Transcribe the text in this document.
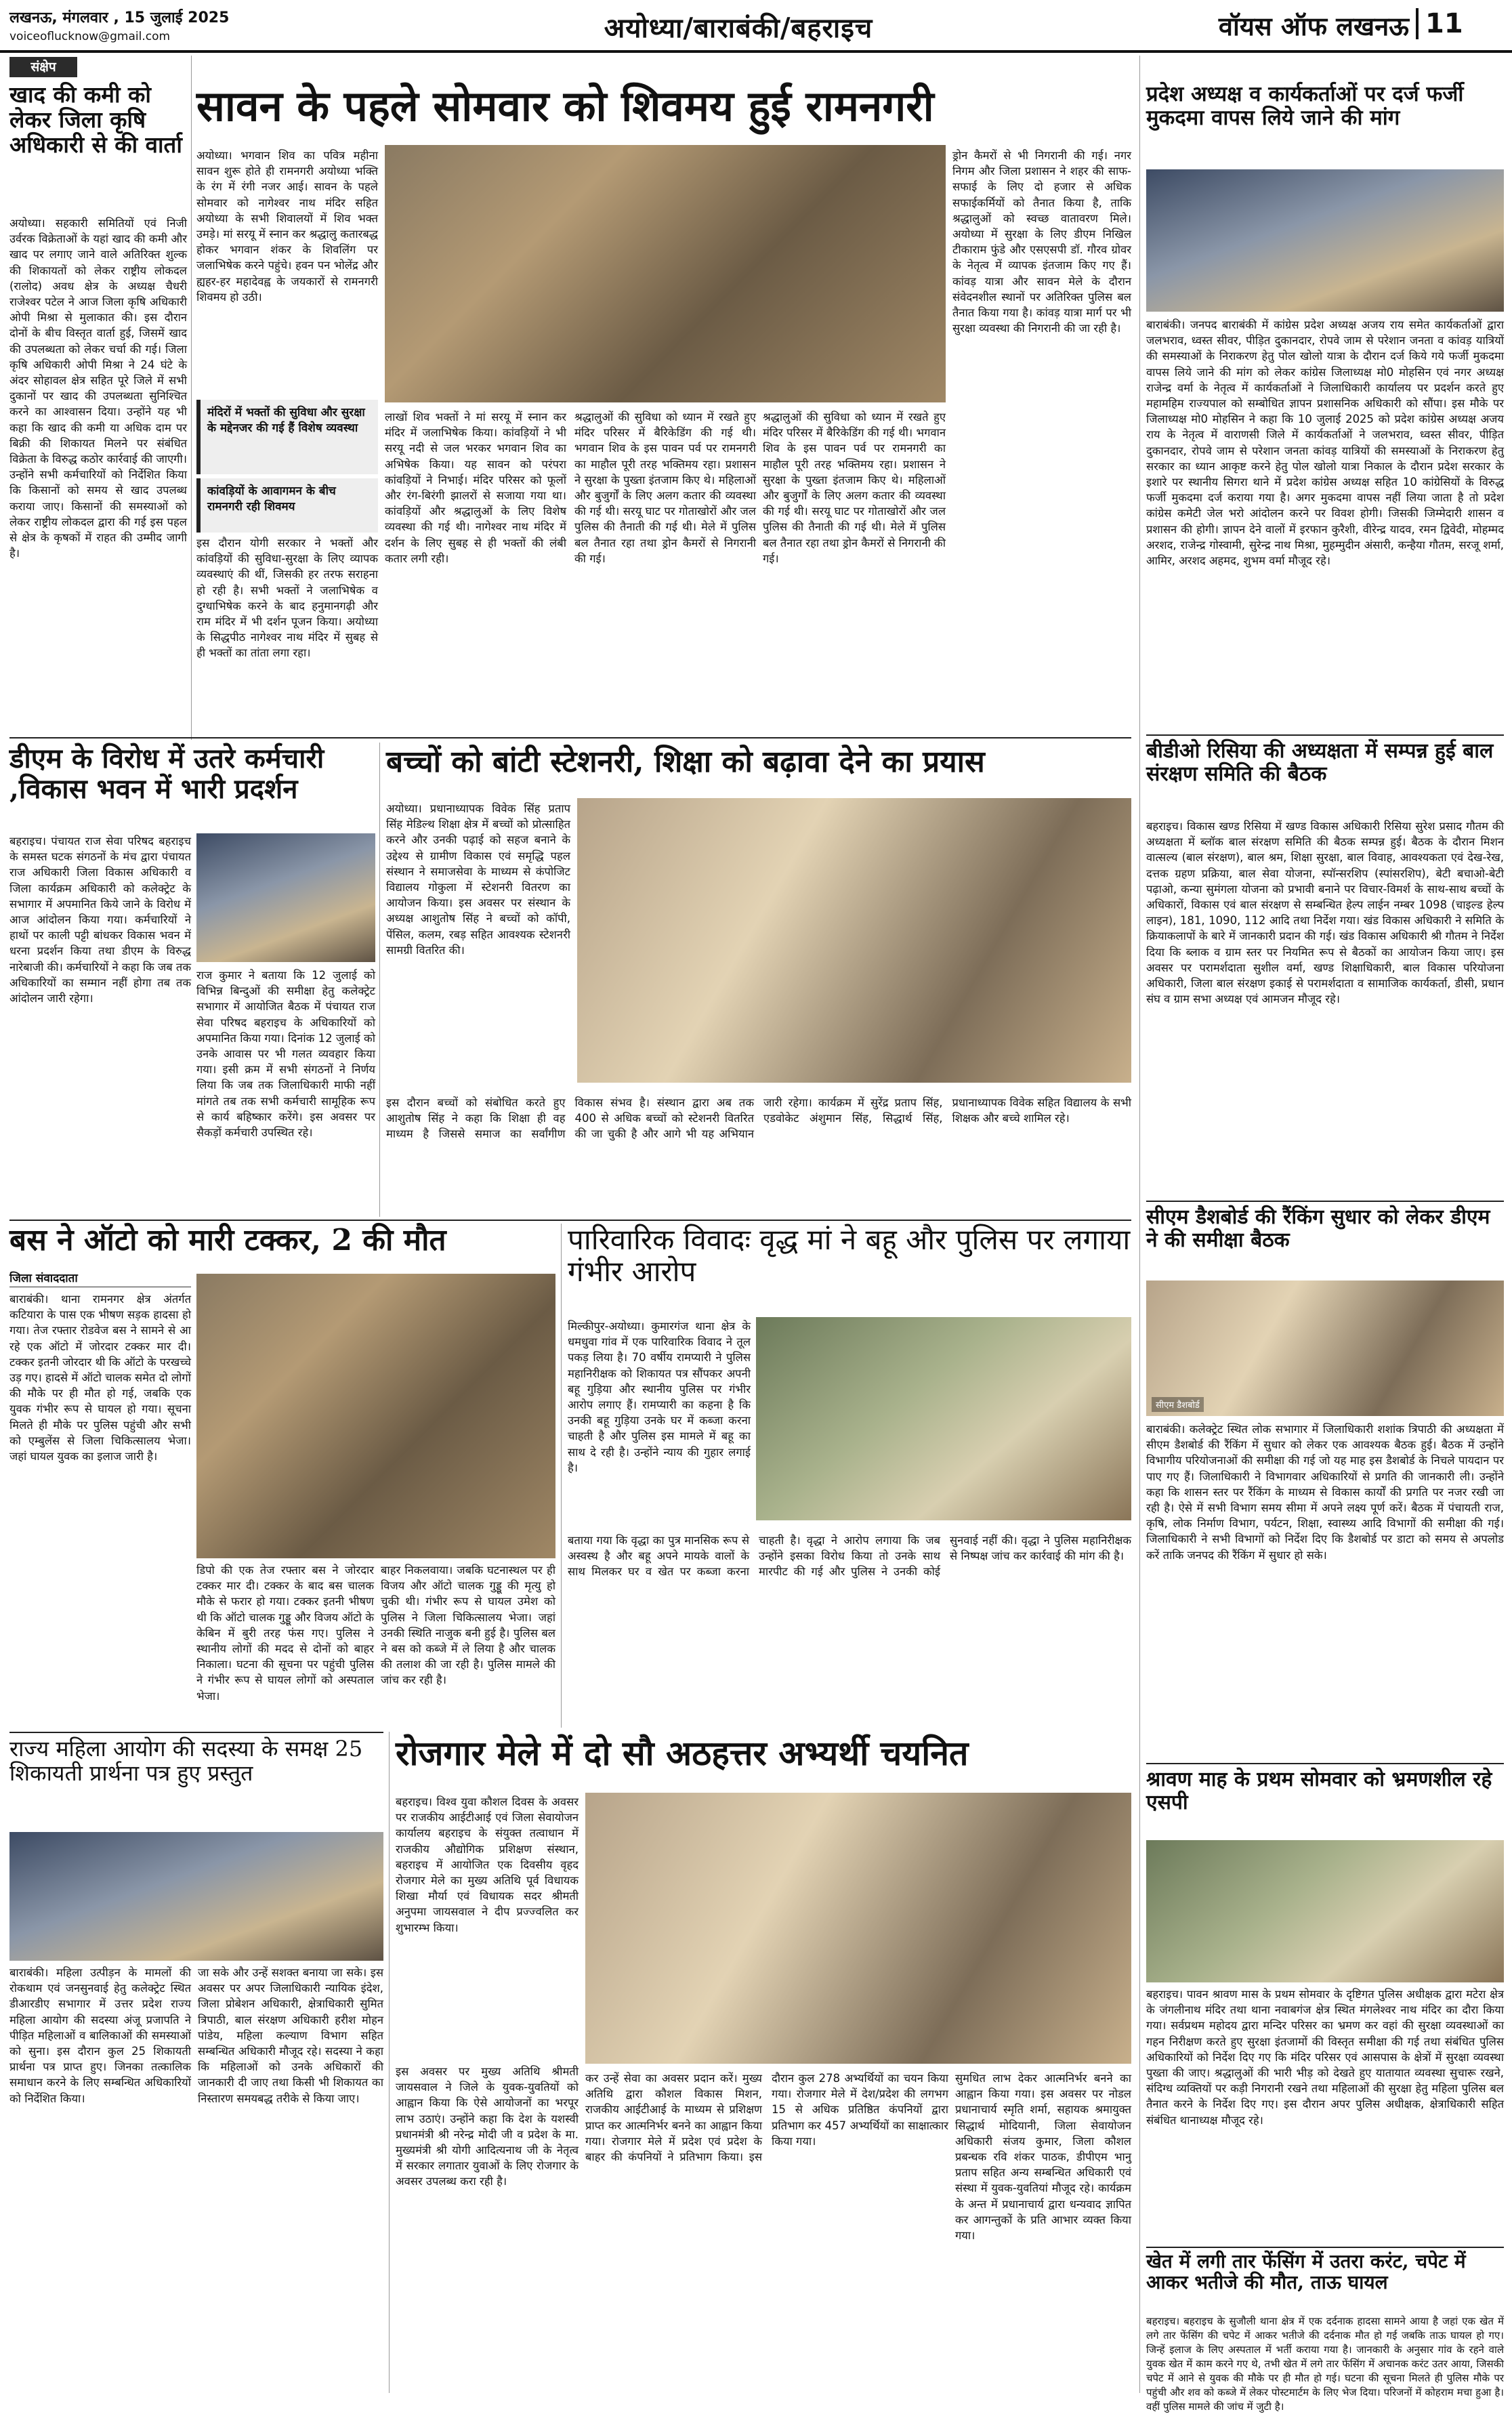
लखनऊ, मंगलवार , 15 जुलाई 2025
voiceoflucknow@gmail.com	अयोध्या/बाराबंकी/बहराइच	वॉयस ऑफ लखनऊ 11
संक्षेप
खाद की कमी को लेकर जिला कृषि अधिकारी से की वार्ता
अयोध्या। सहकारी समितियों एवं निजी उर्वरक विक्रेताओं के यहां खाद की कमी और खाद पर लगाए जाने वाले अतिरिक्त शुल्क की शिकायतों को लेकर राष्ट्रीय लोकदल (रालोद) अवध क्षेत्र के अध्यक्ष चैधरी राजेश्वर पटेल ने आज जिला कृषि अधिकारी ओपी मिश्रा से मुलाकात की। इस दौरान दोनों के बीच विस्तृत वार्ता हुई, जिसमें खाद की उपलब्धता को लेकर चर्चा की गई। जिला कृषि अधिकारी ओपी मिश्रा ने 24 घंटे के अंदर सोहावल क्षेत्र सहित पूरे जिले में सभी दुकानों पर खाद की उपलब्धता सुनिश्चित करने का आश्वासन दिया। उन्होंने यह भी कहा कि खाद की कमी या अधिक दाम पर बिक्री की शिकायत मिलने पर संबंधित विक्रेता के विरुद्ध कठोर कार्रवाई की जाएगी। उन्होंने सभी कर्मचारियों को निर्देशित किया कि किसानों को समय से खाद उपलब्ध कराया जाए। किसानों की समस्याओं को लेकर राष्ट्रीय लोकदल द्वारा की गई इस पहल से क्षेत्र के कृषकों में राहत की उम्मीद जागी है।
सावन के पहले सोमवार को शिवमय हुई रामनगरी
अयोध्या। भगवान शिव का पवित्र महीना सावन शुरू होते ही रामनगरी अयोध्या भक्ति के रंग में रंगी नजर आई। सावन के पहले सोमवार को नागेश्वर नाथ मंदिर सहित अयोध्या के सभी शिवालयों में शिव भक्त उमड़े। मां सरयू में स्नान कर श्रद्धालु कतारबद्ध होकर भगवान शंकर के शिवलिंग पर जलाभिषेक करने पहुंचे। हवन पन भोलेंद्र और ह्यहर-हर महादेवह्व के जयकारों से रामनगरी शिवमय हो उठी।
मंदिरों में भक्तों की सुविधा और सुरक्षा के मद्देनजर की गई हैं विशेष व्यवस्था
कांवड़ियों के आवागमन के बीच रामनगरी रही शिवमय
इस दौरान योगी सरकार ने भक्तों और कांवड़ियों की सुविधा-सुरक्षा के लिए व्यापक व्यवस्थाएं की थीं, जिसकी हर तरफ सराहना हो रही है। सभी भक्तों ने जलाभिषेक व दुग्धाभिषेक करने के बाद हनुमानगढ़ी और राम मंदिर में भी दर्शन पूजन किया। अयोध्या के सिद्धपीठ नागेश्वर नाथ मंदिर में सुबह से ही भक्तों का तांता लगा रहा।
लाखों शिव भक्तों ने मां सरयू में स्नान कर मंदिर में जलाभिषेक किया। कांवड़ियों ने भी सरयू नदी से जल भरकर भगवान शिव का अभिषेक किया। यह सावन को परंपरा कांवड़ियों ने निभाई। मंदिर परिसर को फूलों और रंग-बिरंगी झालरों से सजाया गया था। कांवड़ियों और श्रद्धालुओं के लिए विशेष व्यवस्था की गई थी। नागेश्वर नाथ मंदिर में दर्शन के लिए सुबह से ही भक्तों की लंबी कतार लगी रही।
श्रद्धालुओं की सुविधा को ध्यान में रखते हुए मंदिर परिसर में बैरिकेडिंग की गई थी। भगवान शिव के इस पावन पर्व पर रामनगरी का माहौल पूरी तरह भक्तिमय रहा। प्रशासन ने सुरक्षा के पुख्ता इंतजाम किए थे। महिलाओं और बुजुर्गों के लिए अलग कतार की व्यवस्था की गई थी। सरयू घाट पर गोताखोरों और जल पुलिस की तैनाती की गई थी। मेले में पुलिस बल तैनात रहा तथा ड्रोन कैमरों से निगरानी की गई।
श्रद्धालुओं की सुविधा को ध्यान में रखते हुए मंदिर परिसर में बैरिकेडिंग की गई थी। भगवान शिव के इस पावन पर्व पर रामनगरी का माहौल पूरी तरह भक्तिमय रहा। प्रशासन ने सुरक्षा के पुख्ता इंतजाम किए थे। महिलाओं और बुजुर्गों के लिए अलग कतार की व्यवस्था की गई थी। सरयू घाट पर गोताखोरों और जल पुलिस की तैनाती की गई थी। मेले में पुलिस बल तैनात रहा तथा ड्रोन कैमरों से निगरानी की गई।
ड्रोन कैमरों से भी निगरानी की गई। नगर निगम और जिला प्रशासन ने शहर की साफ-सफाई के लिए दो हजार से अधिक सफाईकर्मियों को तैनात किया है, ताकि श्रद्धालुओं को स्वच्छ वातावरण मिले। अयोध्या में सुरक्षा के लिए डीएम निखिल टीकाराम फुंडे और एसएसपी डॉ. गौरव ग्रोवर के नेतृत्व में व्यापक इंतजाम किए गए हैं। कांवड़ यात्रा और सावन मेले के दौरान संवेदनशील स्थानों पर अतिरिक्त पुलिस बल तैनात किया गया है। कांवड़ यात्रा मार्ग पर भी सुरक्षा व्यवस्था की निगरानी की जा रही है।
प्रदेश अध्यक्ष व कार्यकर्ताओं पर दर्ज फर्जी मुकदमा वापस लिये जाने की मांग
बाराबंकी। जनपद बाराबंकी में कांग्रेस प्रदेश अध्यक्ष अजय राय समेत कार्यकर्ताओं द्वारा जलभराव, ध्वस्त सीवर, पीड़ित दुकानदार, रोपवे जाम से परेशान जनता व कांवड़ यात्रियों की समस्याओं के निराकरण हेतु पोल खोलो यात्रा के दौरान दर्ज किये गये फर्जी मुकदमा वापस लिये जाने की मांग को लेकर कांग्रेस जिलाध्यक्ष मो0 मोहसिन एवं नगर अध्यक्ष राजेन्द्र वर्मा के नेतृत्व में कार्यकर्ताओं ने जिलाधिकारी कार्यालय पर प्रदर्शन करते हुए महामहिम राज्यपाल को सम्बोधित ज्ञापन प्रशासनिक अधिकारी को सौंपा। इस मौके पर जिलाध्यक्ष मो0 मोहसिन ने कहा कि 10 जुलाई 2025 को प्रदेश कांग्रेस अध्यक्ष अजय राय के नेतृत्व में वाराणसी जिले में कार्यकर्ताओं ने जलभराव, ध्वस्त सीवर, पीड़ित दुकानदार, रोपवे जाम से परेशान जनता कांवड़ यात्रियों की समस्याओं के निराकरण हेतु सरकार का ध्यान आकृष्ट करने हेतु पोल खोलो यात्रा निकाल के दौरान प्रदेश सरकार के इशारे पर स्थानीय सिगरा थाने में प्रदेश कांग्रेस अध्यक्ष सहित 10 कांग्रेसियों के विरुद्ध फर्जी मुकदमा दर्ज कराया गया है। अगर मुकदमा वापस नहीं लिया जाता है तो प्रदेश कांग्रेस कमेटी जेल भरो आंदोलन करने पर विवश होगी। जिसकी जिम्मेदारी शासन व प्रशासन की होगी। ज्ञापन देने वालों में इरफान कुरैशी, वीरेन्द्र यादव, रमन द्विवेदी, मोहम्मद अरशद, राजेन्द्र गोस्वामी, सुरेन्द्र नाथ मिश्रा, मुहम्मुदीन अंसारी, कन्हैया गौतम, सरजू शर्मा, आमिर, अरशद अहमद, शुभम वर्मा मौजूद रहे।
बीडीओ रिसिया की अध्यक्षता में सम्पन्न हुई बाल संरक्षण समिति की बैठक
बहराइच। विकास खण्ड रिसिया में खण्ड विकास अधिकारी रिसिया सुरेश प्रसाद गौतम की अध्यक्षता में ब्लॉक बाल संरक्षण समिति की बैठक सम्पन्न हुई। बैठक के दौरान मिशन वात्सल्य (बाल संरक्षण), बाल श्रम, शिक्षा सुरक्षा, बाल विवाह, आवश्यकता एवं देख-रेख, दत्तक ग्रहण प्रक्रिया, बाल सेवा योजना, स्पॉन्सरशिप (स्पांसरशिप), बेटी बचाओ-बेटी पढ़ाओ, कन्या सुमंगला योजना को प्रभावी बनाने पर विचार-विमर्श के साथ-साथ बच्चों के अधिकारों, विकास एवं बाल संरक्षण से सम्बन्धित हेल्प लाईन नम्बर 1098 (चाइल्ड हेल्प लाइन), 181, 1090, 112 आदि तथा निर्देश गया। खंड विकास अधिकारी ने समिति के क्रियाकलापों के बारे में जानकारी प्रदान की गई। खंड विकास अधिकारी श्री गौतम ने निर्देश दिया कि ब्लाक व ग्राम स्तर पर नियमित रूप से बैठकों का आयोजन किया जाए। इस अवसर पर परामर्शदाता सुशील वर्मा, खण्ड शिक्षाधिकारी, बाल विकास परियोजना अधिकारी, जिला बाल संरक्षण इकाई से परामर्शदाता व सामाजिक कार्यकर्ता, डीसी, प्रधान संघ व ग्राम सभा अध्यक्ष एवं आमजन मौजूद रहे।
सीएम डैशबोर्ड की रैंकिंग सुधार को लेकर डीएम ने की समीक्षा बैठक
सीएम डैशबोर्ड
बाराबंकी। कलेक्ट्रेट स्थित लोक सभागार में जिलाधिकारी शशांक त्रिपाठी की अध्यक्षता में सीएम डैशबोर्ड की रैंकिंग में सुधार को लेकर एक आवश्यक बैठक हुई। बैठक में उन्होंने विभागीय परियोजनाओं की समीक्षा की गई जो यह माह इस डैशबोर्ड के निचले पायदान पर पाए गए हैं। जिलाधिकारी ने विभागवार अधिकारियों से प्रगति की जानकारी ली। उन्होंने कहा कि शासन स्तर पर रैंकिंग के माध्यम से विकास कार्यों की प्रगति पर नजर रखी जा रही है। ऐसे में सभी विभाग समय सीमा में अपने लक्ष्य पूर्ण करें। बैठक में पंचायती राज, कृषि, लोक निर्माण विभाग, पर्यटन, शिक्षा, स्वास्थ्य आदि विभागों की समीक्षा की गई। जिलाधिकारी ने सभी विभागों को निर्देश दिए कि डैशबोर्ड पर डाटा को समय से अपलोड करें ताकि जनपद की रैंकिंग में सुधार हो सके।
श्रावण माह के प्रथम सोमवार को भ्रमणशील रहे एसपी
बहराइच। पावन श्रावण मास के प्रथम सोमवार के दृष्टिगत पुलिस अधीक्षक द्वारा मटेरा क्षेत्र के जंगलीनाथ मंदिर तथा थाना नवाबगंज क्षेत्र स्थित मंगलेश्वर नाथ मंदिर का दौरा किया गया। सर्वप्रथम महोदय द्वारा मन्दिर परिसर का भ्रमण कर वहां की सुरक्षा व्यवस्थाओं का गहन निरीक्षण करते हुए सुरक्षा इंतजामों की विस्तृत समीक्षा की गई तथा संबंधित पुलिस अधिकारियों को निर्देश दिए गए कि मंदिर परिसर एवं आसपास के क्षेत्रों में सुरक्षा व्यवस्था पुख्ता की जाए। श्रद्धालुओं की भारी भीड़ को देखते हुए यातायात व्यवस्था सुचारू रखने, संदिग्ध व्यक्तियों पर कड़ी निगरानी रखने तथा महिलाओं की सुरक्षा हेतु महिला पुलिस बल तैनात करने के निर्देश दिए गए। इस दौरान अपर पुलिस अधीक्षक, क्षेत्राधिकारी सहित संबंधित थानाध्यक्ष मौजूद रहे।
खेत में लगी तार फेंसिंग में उतरा करंट, चपेट में आकर भतीजे की मौत, ताऊ घायल
बहराइच। बहराइच के सुजौली थाना क्षेत्र में एक दर्दनाक हादसा सामने आया है जहां एक खेत में लगे तार फेंसिंग की चपेट में आकर भतीजे की दर्दनाक मौत हो गई जबकि ताऊ घायल हो गए। जिन्हें इलाज के लिए अस्पताल में भर्ती कराया गया है। जानकारी के अनुसार गांव के रहने वाले युवक खेत में काम करने गए थे, तभी खेत में लगे तार फेंसिंग में अचानक करंट उतर आया, जिसकी चपेट में आने से युवक की मौके पर ही मौत हो गई। घटना की सूचना मिलते ही पुलिस मौके पर पहुंची और शव को कब्जे में लेकर पोस्टमार्टम के लिए भेज दिया। परिजनों में कोहराम मचा हुआ है। वहीं पुलिस मामले की जांच में जुटी है।
डीएम के विरोध में उतरे कर्मचारी ,विकास भवन में भारी प्रदर्शन
बहराइच। पंचायत राज सेवा परिषद बहराइच के समस्त घटक संगठनों के मंच द्वारा पंचायत राज अधिकारी जिला विकास अधिकारी व जिला कार्यक्रम अधिकारी को कलेक्ट्रेट के सभागार में अपमानित किये जाने के विरोध में आज आंदोलन किया गया। कर्मचारियों ने हाथों पर काली पट्टी बांधकर विकास भवन में धरना प्रदर्शन किया तथा डीएम के विरुद्ध नारेबाजी की। कर्मचारियों ने कहा कि जब तक अधिकारियों का सम्मान नहीं होगा तब तक आंदोलन जारी रहेगा।
राज कुमार ने बताया कि 12 जुलाई को विभिन्न बिन्दुओं की समीक्षा हेतु कलेक्ट्रेट सभागार में आयोजित बैठक में पंचायत राज सेवा परिषद बहराइच के अधिकारियों को अपमानित किया गया। दिनांक 12 जुलाई को उनके आवास पर भी गलत व्यवहार किया गया। इसी क्रम में सभी संगठनों ने निर्णय लिया कि जब तक जिलाधिकारी माफी नहीं मांगते तब तक सभी कर्मचारी सामूहिक रूप से कार्य बहिष्कार करेंगे। इस अवसर पर सैकड़ों कर्मचारी उपस्थित रहे।
बच्चों को बांटी स्टेशनरी, शिक्षा को बढ़ावा देने का प्रयास
अयोध्या। प्रधानाध्यापक विवेक सिंह प्रताप सिंह मेडिल्थ शिक्षा क्षेत्र में बच्चों को प्रोत्साहित करने और उनकी पढ़ाई को सहज बनाने के उद्देश्य से ग्रामीण विकास एवं समृद्धि पहल संस्थान ने समाजसेवा के माध्यम से कंपोजिट विद्यालय गोकुला में स्टेशनरी वितरण का आयोजन किया। इस अवसर पर संस्थान के अध्यक्ष आशुतोष सिंह ने बच्चों को कॉपी, पेंसिल, कलम, रबड़ सहित आवश्यक स्टेशनरी सामग्री वितरित की।
इस दौरान बच्चों को संबोधित करते हुए आशुतोष सिंह ने कहा कि शिक्षा ही वह माध्यम है जिससे समाज का सर्वांगीण विकास संभव है। संस्थान द्वारा अब तक 400 से अधिक बच्चों को स्टेशनरी वितरित की जा चुकी है और आगे भी यह अभियान जारी रहेगा। कार्यक्रम में सुरेंद्र प्रताप सिंह, एडवोकेट अंशुमान सिंह, सिद्धार्थ सिंह, प्रधानाध्यापक विवेक सहित विद्यालय के सभी शिक्षक और बच्चे शामिल रहे।
बस ने ऑटो को मारी टक्कर, 2 की मौत
जिला संवाददाता
बाराबंकी। थाना रामनगर क्षेत्र अंतर्गत कटियारा के पास एक भीषण सड़क हादसा हो गया। तेज रफ्तार रोडवेज बस ने सामने से आ रहे एक ऑटो में जोरदार टक्कर मार दी। टक्कर इतनी जोरदार थी कि ऑटो के परखच्चे उड़ गए। हादसे में ऑटो चालक समेत दो लोगों की मौके पर ही मौत हो गई, जबकि एक युवक गंभीर रूप से घायल हो गया। सूचना मिलते ही मौके पर पुलिस पहुंची और सभी को एम्बुलेंस से जिला चिकित्सालय भेजा। जहां घायल युवक का इलाज जारी है।
डिपो की एक तेज रफ्तार बस ने जोरदार टक्कर मार दी। टक्कर के बाद बस चालक मौके से फरार हो गया। टक्कर इतनी भीषण थी कि ऑटो चालक गुड्डू और विजय ऑटो के केबिन में बुरी तरह फंस गए। पुलिस ने स्थानीय लोगों की मदद से दोनों को बाहर निकाला। घटना की सूचना पर पहुंची पुलिस ने गंभीर रूप से घायल लोगों को अस्पताल भेजा।
बाहर निकलवाया। जबकि घटनास्थल पर ही विजय और ऑटो चालक गुड्डू की मृत्यु हो चुकी थी। गंभीर रूप से घायल उमेश को पुलिस ने जिला चिकित्सालय भेजा। जहां उनकी स्थिति नाजुक बनी हुई है। पुलिस बल ने बस को कब्जे में ले लिया है और चालक की तलाश की जा रही है। पुलिस मामले की जांच कर रही है।
पारिवारिक विवादः वृद्ध मां ने बहू और पुलिस पर लगाया गंभीर आरोप
मिल्कीपुर-अयोध्या। कुमारगंज थाना क्षेत्र के धमधुवा गांव में एक पारिवारिक विवाद ने तूल पकड़ लिया है। 70 वर्षीय रामप्यारी ने पुलिस महानिरीक्षक को शिकायत पत्र सौंपकर अपनी बहू गुड़िया और स्थानीय पुलिस पर गंभीर आरोप लगाए हैं। रामप्यारी का कहना है कि उनकी बहू गुड़िया उनके घर में कब्जा करना चाहती है और पुलिस इस मामले में बहू का साथ दे रही है। उन्होंने न्याय की गुहार लगाई है।
बताया गया कि वृद्धा का पुत्र मानसिक रूप से अस्वस्थ है और बहू अपने मायके वालों के साथ मिलकर घर व खेत पर कब्जा करना चाहती है। वृद्धा ने आरोप लगाया कि जब उन्होंने इसका विरोध किया तो उनके साथ मारपीट की गई और पुलिस ने उनकी कोई सुनवाई नहीं की। वृद्धा ने पुलिस महानिरीक्षक से निष्पक्ष जांच कर कार्रवाई की मांग की है।
राज्य महिला आयोग की सदस्या के समक्ष 25 शिकायती प्रार्थना पत्र हुए प्रस्तुत
बाराबंकी। महिला उत्पीड़न के मामलों की रोकथाम एवं जनसुनवाई हेतु कलेक्ट्रेट स्थित डीआरडीए सभागार में उत्तर प्रदेश राज्य महिला आयोग की सदस्या अंजू प्रजापति ने पीड़ित महिलाओं व बालिकाओं की समस्याओं को सुना। इस दौरान कुल 25 शिकायती प्रार्थना पत्र प्राप्त हुए। जिनका तत्कालिक समाधान करने के लिए सम्बन्धित अधिकारियों को निर्देशित किया।
जा सके और उन्हें सशक्त बनाया जा सके। इस अवसर पर अपर जिलाधिकारी न्यायिक इंदेश, जिला प्रोबेशन अधिकारी, क्षेत्राधिकारी सुमित त्रिपाठी, बाल संरक्षण अधिकारी हरीश मोहन पांडेय, महिला कल्याण विभाग सहित सम्बन्धित अधिकारी मौजूद रहे। सदस्या ने कहा कि महिलाओं को उनके अधिकारों की जानकारी दी जाए तथा किसी भी शिकायत का निस्तारण समयबद्ध तरीके से किया जाए।
रोजगार मेले में दो सौ अठहत्तर अभ्यर्थी चयनित
बहराइच। विश्व युवा कौशल दिवस के अवसर पर राजकीय आईटीआई एवं जिला सेवायोजन कार्यालय बहराइच के संयुक्त तत्वाधान में राजकीय औद्योगिक प्रशिक्षण संस्थान, बहराइच में आयोजित एक दिवसीय वृहद रोजगार मेले का मुख्य अतिथि पूर्व विधायक शिखा मौर्या एवं विधायक सदर श्रीमती अनुपमा जायसवाल ने दीप प्रज्ज्वलित कर शुभारम्भ किया।
इस अवसर पर मुख्य अतिथि श्रीमती जायसवाल ने जिले के युवक-युवतियों को आह्वान किया कि ऐसे आयोजनों का भरपूर लाभ उठाएं। उन्होंने कहा कि देश के यशस्वी प्रधानमंत्री श्री नरेन्द्र मोदी जी व प्रदेश के मा. मुख्यमंत्री श्री योगी आदित्यनाथ जी के नेतृत्व में सरकार लगातार युवाओं के लिए रोजगार के अवसर उपलब्ध करा रही है।
कर उन्हें सेवा का अवसर प्रदान करें। मुख्य अतिथि द्वारा कौशल विकास मिशन, राजकीय आईटीआई के माध्यम से प्रशिक्षण प्राप्त कर आत्मनिर्भर बनने का आह्वान किया गया। रोजगार मेले में प्रदेश एवं प्रदेश के बाहर की कंपनियों ने प्रतिभाग किया। इस दौरान कुल 278 अभ्यर्थियों का चयन किया गया। रोजगार मेले में देश/प्रदेश की लगभग 15 से अधिक प्रतिष्ठित कंपनियों द्वारा प्रतिभाग कर 457 अभ्यर्थियों का साक्षात्कार किया गया।
सुमधित लाभ देकर आत्मनिर्भर बनने का आह्वान किया गया। इस अवसर पर नोडल प्रधानाचार्य स्मृति शर्मा, सहायक श्रमायुक्त सिद्धार्थ मोदियानी, जिला सेवायोजन अधिकारी संजय कुमार, जिला कौशल प्रबन्धक रवि शंकर पाठक, डीपीएम भानु प्रताप सहित अन्य सम्बन्धित अधिकारी एवं संस्था में युवक-युवतियां मौजूद रहे। कार्यक्रम के अन्त में प्रधानाचार्य द्वारा धन्यवाद ज्ञापित कर आगन्तुकों के प्रति आभार व्यक्त किया गया।
